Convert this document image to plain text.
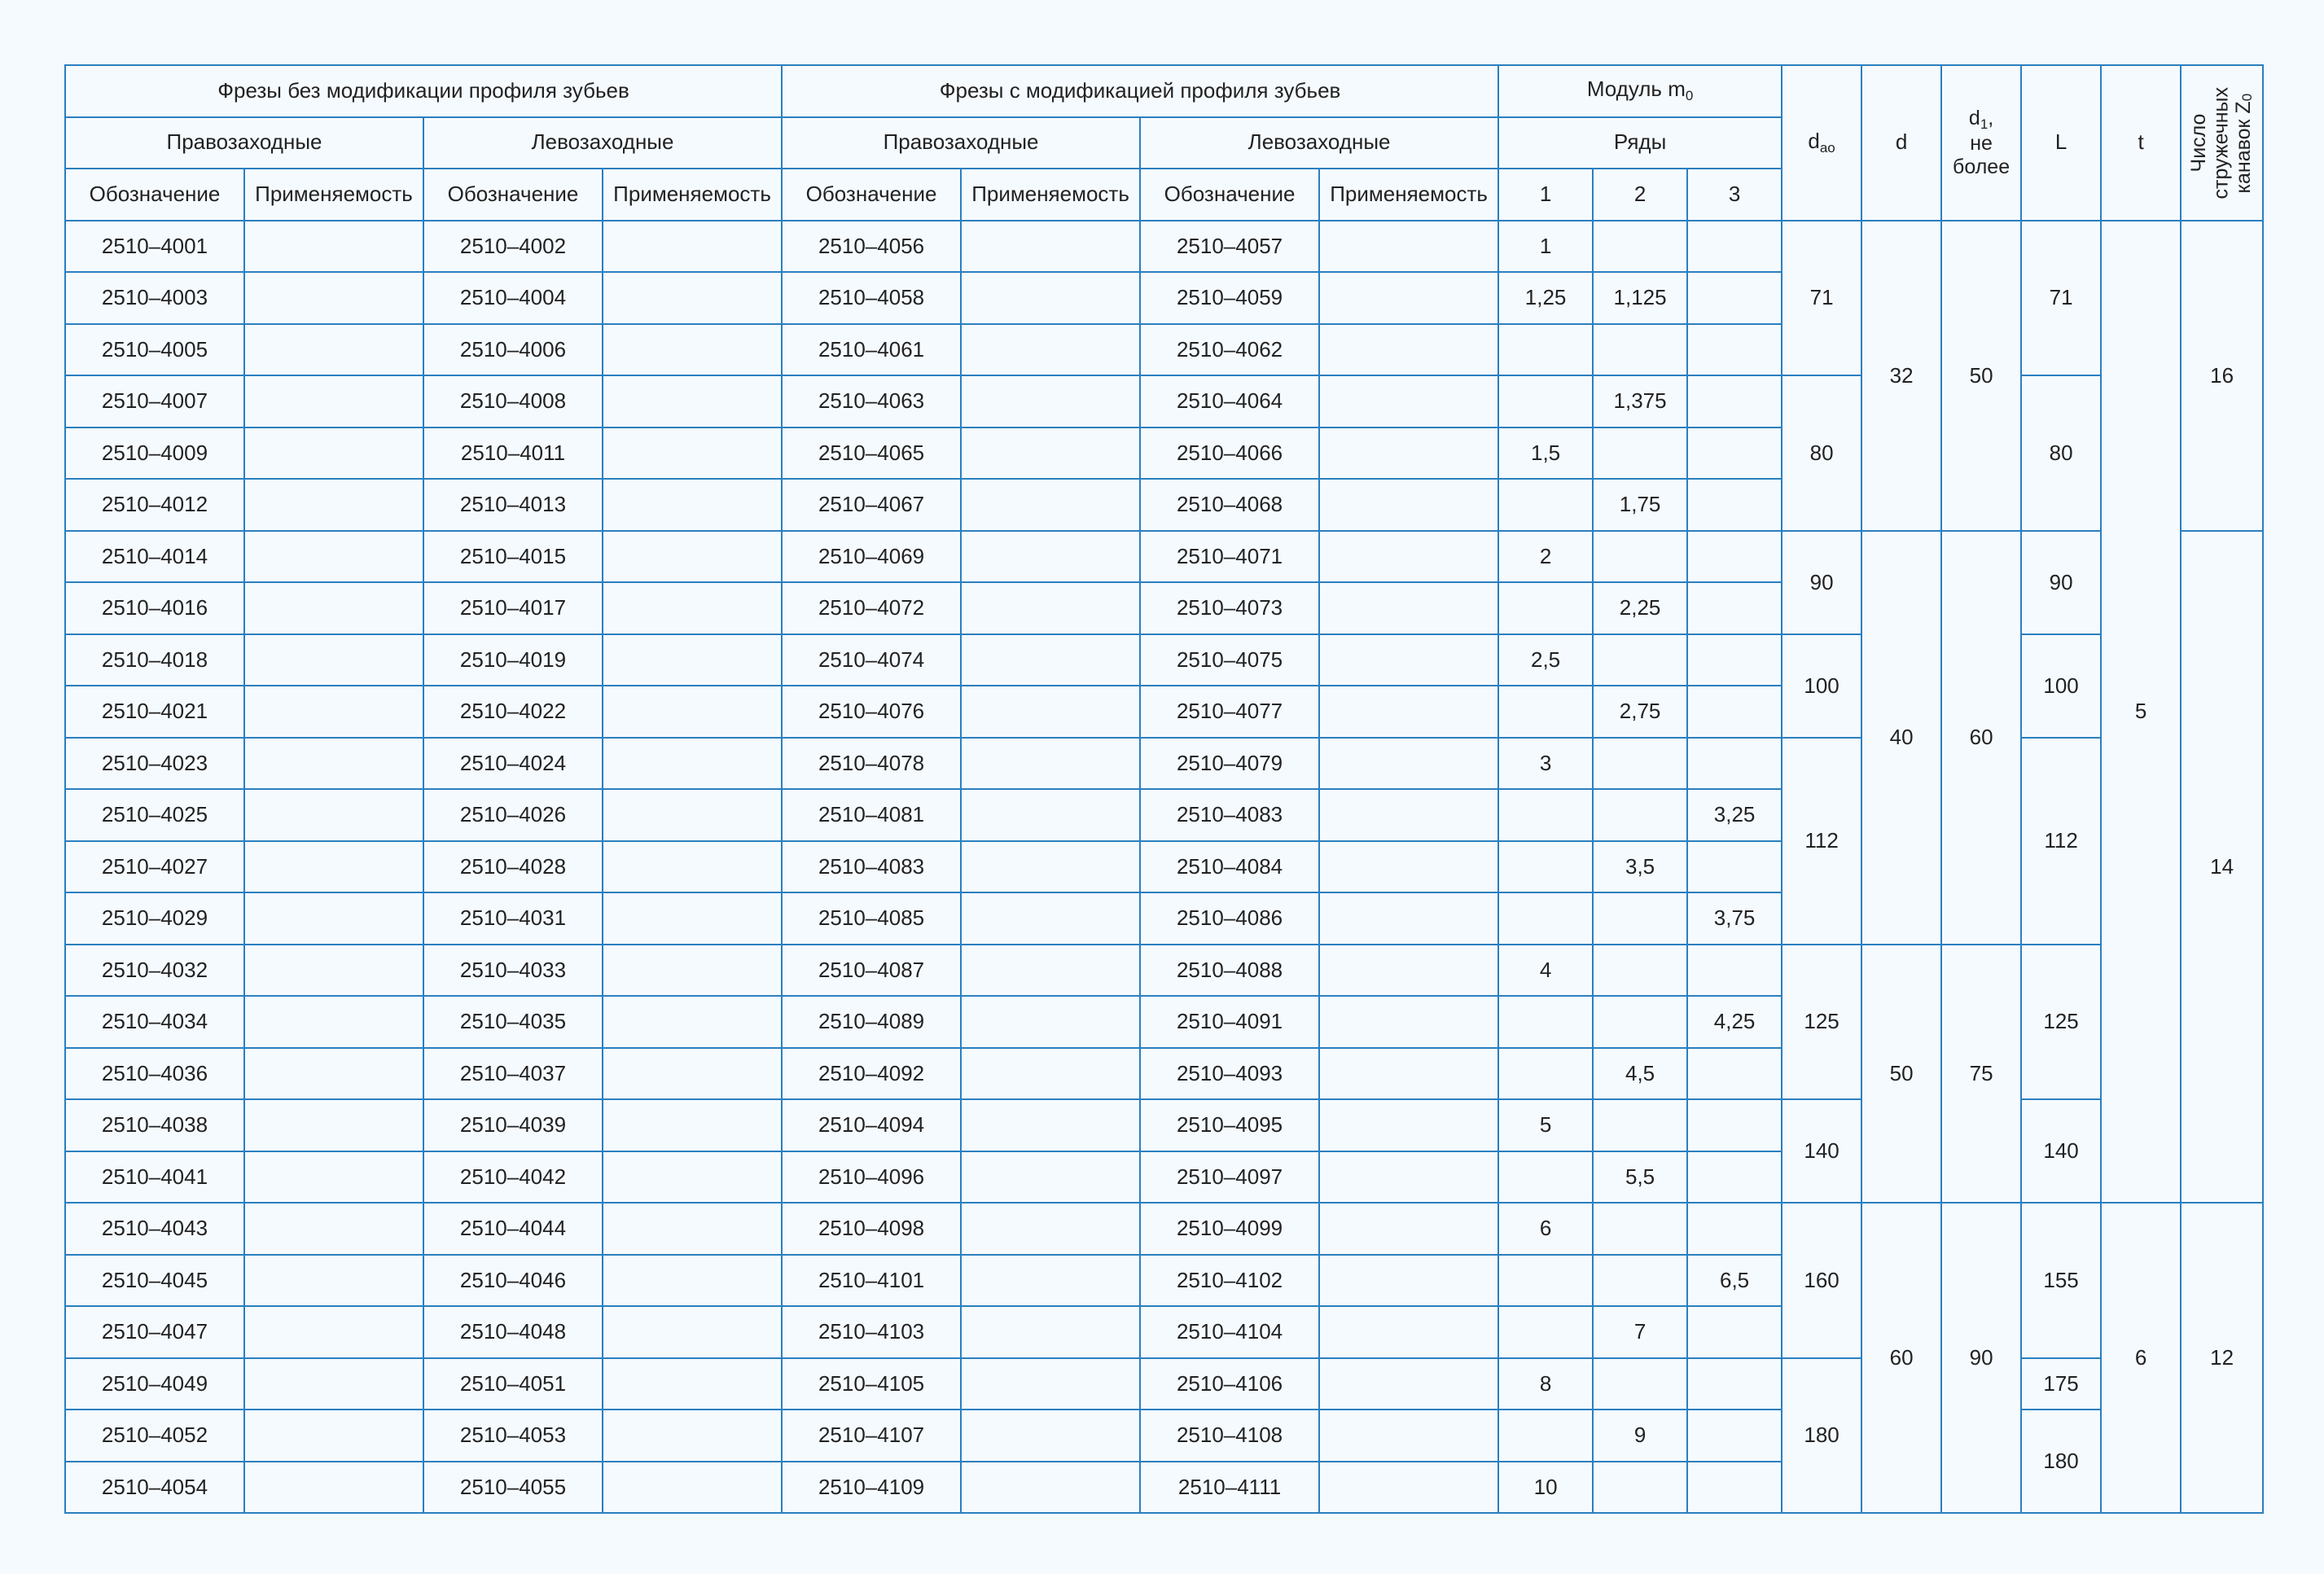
Фрезы без модификации профиля зубьев				Фрезы с модификацией профиля зубьев				Модуль $m_0$			$d_{ao}$	d	$d_1$,
не
более	L	t	Число
стружечных
канавок $Z_0$

Правозаходные		Левозаходные		Правозаходные		Левозаходные		Ряды								
Обозначение	Применяемость	Обозначение	Применяемость	Обозначение	Применяемость	Обозначение	Применяемость	1	2	3						
2510–4001		2510–4002		2510–4056		2510–4057		1			71	32	50	71	5	16
2510–4003		2510–4004		2510–4058		2510–4059		1,25	1,125							
2510–4005		2510–4006		2510–4061		2510–4062										
2510–4007		2510–4008		2510–4063		2510–4064			1,375		80			80		
2510–4009		2510–4011		2510–4065		2510–4066		1,5								
2510–4012		2510–4013		2510–4067		2510–4068			1,75							
2510–4014		2510–4015		2510–4069		2510–4071		2			90	40	60	90		14
2510–4016		2510–4017		2510–4072		2510–4073			2,25							
2510–4018		2510–4019		2510–4074		2510–4075		2,5			100			100		
2510–4021		2510–4022		2510–4076		2510–4077			2,75							
2510–4023		2510–4024		2510–4078		2510–4079		3			112			112		
2510–4025		2510–4026		2510–4081		2510–4083				3,25						
2510–4027		2510–4028		2510–4083		2510–4084			3,5							
2510–4029		2510–4031		2510–4085		2510–4086				3,75						
2510–4032		2510–4033		2510–4087		2510–4088		4			125	50	75	125		
2510–4034		2510–4035		2510–4089		2510–4091				4,25						
2510–4036		2510–4037		2510–4092		2510–4093			4,5							
2510–4038		2510–4039		2510–4094		2510–4095		5			140			140		
2510–4041		2510–4042		2510–4096		2510–4097			5,5							
2510–4043		2510–4044		2510–4098		2510–4099		6			160	60	90	155	6	12
2510–4045		2510–4046		2510–4101		2510–4102				6,5						
2510–4047		2510–4048		2510–4103		2510–4104			7							
2510–4049		2510–4051		2510–4105		2510–4106		8			180			175		
2510–4052		2510–4053		2510–4107		2510–4108			9					180		
2510–4054		2510–4055		2510–4109		2510–4111		10								
